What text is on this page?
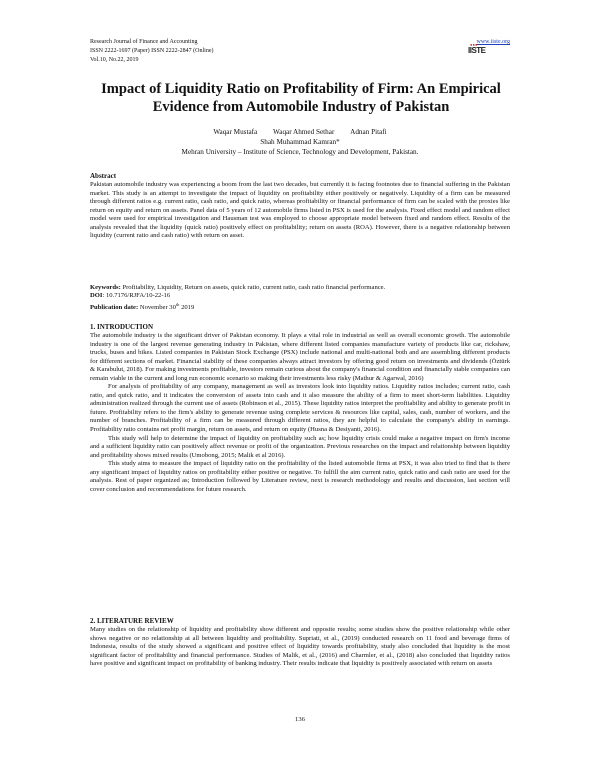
Research Journal of Finance and Accounting
ISSN 2222-1697 (Paper) ISSN 2222-2847 (Online)
Vol.10, No.22, 2019
www.iiste.org
● ● ●
IISTE
Impact of Liquidity Ratio on Profitability of Firm: An Empirical Evidence from Automobile Industry of Pakistan
Waqar Mustafa Waqar Ahmed Sethar Adnan Pitafi
Shah Muhammad Kamran*
Mehran University – Institute of Science, Technology and Development, Pakistan.
Abstract

Pakistan automobile industry was experiencing a boom from the last two decades, but currently it is facing footnotes due to financial suffering in the Pakistan market. This study is an attempt to investigate the impact of liquidity on profitability either positively or negatively. Liquidity of a firm can be measured through different ratios e.g. current ratio, cash ratio, and quick ratio, whereas profitability or financial performance of firm can be scaled with the proxies like return on equity and return on assets. Panel data of 5 years of 12 automobile firms listed in PSX is used for the analysis. Fixed effect model and random effect model were used for empirical investigation and Hausman test was employed to choose appropriate model between fixed and random effect. Results of the analysis revealed that the liquidity (quick ratio) positively effect on profitability; return on assets (ROA). However, there is a negative relationship between liquidity (current ratio and cash ratio) with return on asset.

Keywords: Profitability, Liquidity, Return on assets, quick ratio, current ratio, cash ratio financial performance.
DOI: 10.7176/RJFA/10-22-16
Publication date: November 30th 2019
1. INTRODUCTION

The automobile industry is the significant driver of Pakistan economy. It plays a vital role in industrial as well as overall economic growth. The automobile industry is one of the largest revenue generating industry in Pakistan, where different listed companies manufacture variety of products like car, rickshaw, trucks, buses and bikes. Listed companies in Pakistan Stock Exchange (PSX) include national and multi-national both and are assembling different products for different sections of market. Financial stability of these companies always attract investors by offering good return on investments and dividends (Öztürk & Karabulut, 2018). For making investments profitable, investors remain curious about the company's financial condition and financially stable companies can remain viable in the current and long run economic scenario so making their investments less risky (Mathur & Agarwal, 2016)

For analysis of profitability of any company, management as well as investors look into liquidity ratios. Liquidity ratios includes; current ratio, cash ratio, and quick ratio, and it indicates the conversion of assets into cash and it also measure the ability of a firm to meet short-term liabilities. Liquidity administration realized through the current use of assets (Robinson et al., 2015). These liquidity ratios interpret the profitability and ability to generate profit in future. Profitability refers to the firm's ability to generate revenue using complete services & resources like capital, sales, cash, number of workers, and the number of branches. Profitability of a firm can be measured through different ratios, they are helpful to calculate the company's ability in earnings. Profitability ratio contains net profit margin, return on assets, and return on equity (Husna & Desiyanti, 2016).

This study will help to determine the impact of liquidity on profitability such as; how liquidity crisis could make a negative impact on firm's income and a sufficient liquidity ratio can positively affect revenue or profit of the organization. Previous researches on the impact and relationship between liquidity and profitability shows mixed results (Umobong, 2015; Malik et al 2016).

This study aims to measure the impact of liquidity ratio on the profitability of the listed automobile firms at PSX, it was also tried to find that is there any significant impact of liquidity ratios on profitability either positive or negative. To fulfill the aim current ratio, quick ratio and cash ratio are used for the analysis. Rest of paper organized as; Introduction followed by Literature review, next is research methodology and results and discussion, last section will cover conclusion and recommendations for future research.

2. LITERATURE REVIEW

Many studies on the relationship of liquidity and profitability show different and opposite results; some studies show the positive relationship while other shows negative or no relationship at all between liquidity and profitability. Supriati, et al., (2019) conducted research on 11 food and beverage firms of Indonesia, results of the study showed a significant and positive effect of liquidity towards profitability, study also concluded that liquidity is the most significant factor of profitability and financial performance. Studies of Malik, et al., (2016) and Charmler, et al., (2018) also concluded that liquidity ratios have positive and significant impact on profitability of banking industry. Their results indicate that liquidity is positively associated with return on assets

136
